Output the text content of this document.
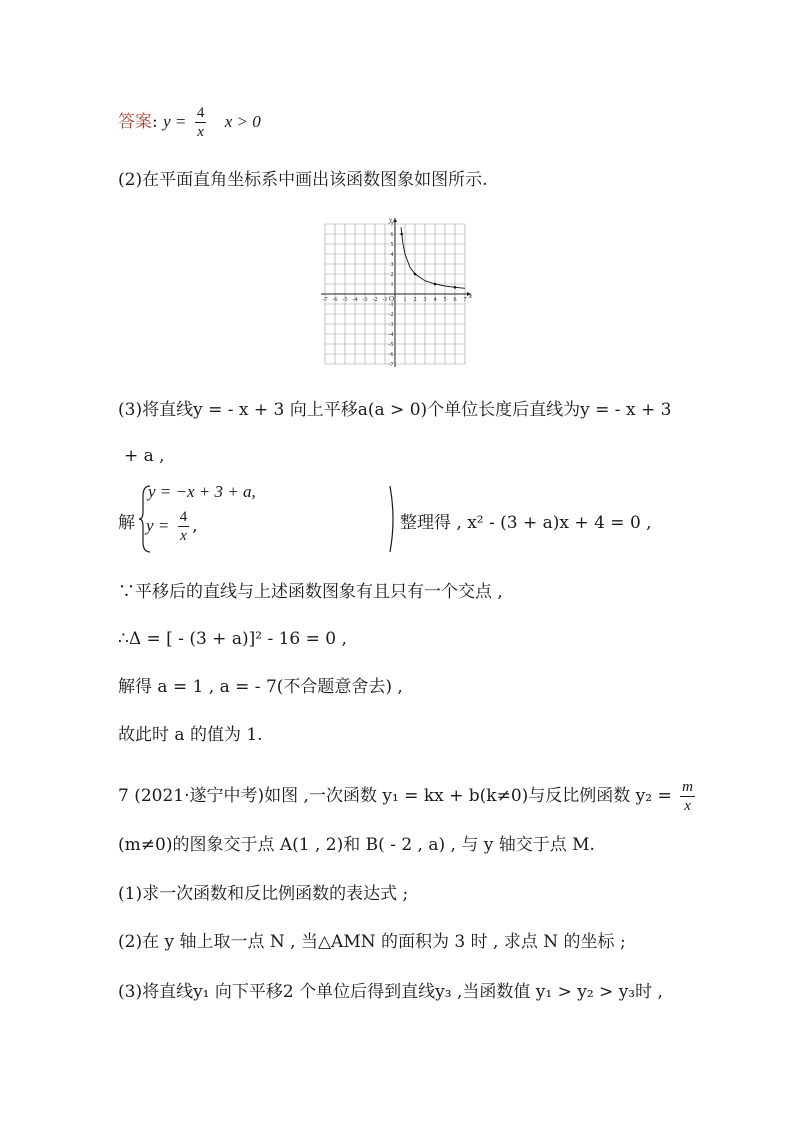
答案: $y = \frac{4}{x}$ x > 0
(2)在平面直角坐标系中画出该函数图象如图所示.
x
y
O
-7 -6 -5 -4 -3 -2 -1	1 2 3 4 5 6 7
7
6
5
4
3
2
1
-1
-2
-3
-4
-5
-6
-7
(3)将直线y = - x + 3 向上平移a(a > 0)个单位长度后直线为y = - x + 3
+ a ,
解
y = −x + 3 + a,
$y = \frac{4}{x}$ ,	整理得 , x² - (3 + a)x + 4 = 0 ,
∵平移后的直线与上述函数图象有且只有一个交点 ,
∴Δ = [ - (3 + a)]² - 16 = 0 ,
解得 a = 1 , a = - 7(不合题意舍去) ,
故此时 a 的值为 1.
7 (2021·遂宁中考)如图 ,一次函数 y₁ = kx + b(k≠0)与反比例函数 $y_2 = \frac{m}{x}$
(m≠0)的图象交于点 A(1 , 2)和 B( - 2 , a) , 与 y 轴交于点 M.
(1)求一次函数和反比例函数的表达式 ;
(2)在 y 轴上取一点 N , 当△AMN 的面积为 3 时 , 求点 N 的坐标 ;
(3)将直线y₁ 向下平移2 个单位后得到直线y₃ ,当函数值 y₁ > y₂ > y₃时 ,
